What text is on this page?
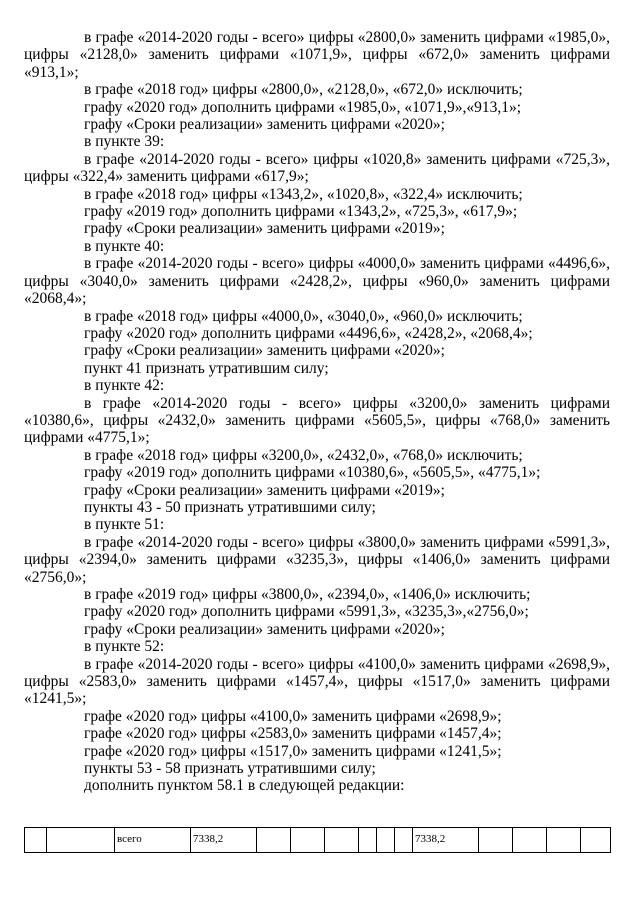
в графе «2014-2020 годы - всего» цифры «2800,0» заменить цифрами «1985,0», цифры «2128,0» заменить цифрами «1071,9», цифры «672,0» заменить цифрами «913,1»;

в графе «2018 год» цифры «2800,0», «2128,0», «672,0» исключить;

графу «2020 год» дополнить цифрами «1985,0», «1071,9»,«913,1»;

графу «Сроки реализации» заменить цифрами «2020»;

в пункте 39:

в графе «2014-2020 годы - всего» цифры «1020,8» заменить цифрами «725,3», цифры «322,4» заменить цифрами «617,9»;

в графе «2018 год» цифры «1343,2», «1020,8», «322,4» исключить;

графу «2019 год» дополнить цифрами «1343,2», «725,3», «617,9»;

графу «Сроки реализации» заменить цифрами «2019»;

в пункте 40:

в графе «2014-2020 годы - всего» цифры «4000,0» заменить цифрами «4496,6», цифры «3040,0» заменить цифрами «2428,2», цифры «960,0» заменить цифрами «2068,4»;

в графе «2018 год» цифры «4000,0», «3040,0», «960,0» исключить;

графу «2020 год» дополнить цифрами «4496,6», «2428,2», «2068,4»;

графу «Сроки реализации» заменить цифрами «2020»;

пункт 41 признать утратившим силу;

в пункте 42:

в графе «2014-2020 годы - всего» цифры «3200,0» заменить цифрами «10380,6», цифры «2432,0» заменить цифрами «5605,5», цифры «768,0» заменить цифрами «4775,1»;

в графе «2018 год» цифры «3200,0», «2432,0», «768,0» исключить;

графу «2019 год» дополнить цифрами «10380,6», «5605,5», «4775,1»;

графу «Сроки реализации» заменить цифрами «2019»;

пункты 43 - 50 признать утратившими силу;

в пункте 51:

в графе «2014-2020 годы - всего» цифры «3800,0» заменить цифрами «5991,3», цифры «2394,0» заменить цифрами «3235,3», цифры «1406,0» заменить цифрами «2756,0»;

в графе «2019 год» цифры «3800,0», «2394,0», «1406,0» исключить;

графу «2020 год» дополнить цифрами «5991,3», «3235,3»,«2756,0»;

графу «Сроки реализации» заменить цифрами «2020»;

в пункте 52:

в графе «2014-2020 годы - всего» цифры «4100,0» заменить цифрами «2698,9», цифры «2583,0» заменить цифрами «1457,4», цифры «1517,0» заменить цифрами «1241,5»;

графе «2020 год» цифры «4100,0» заменить цифрами «2698,9»;

графе «2020 год» цифры «2583,0» заменить цифрами «1457,4»;

графе «2020 год» цифры «1517,0» заменить цифрами «1241,5»;

пункты 53 - 58 признать утратившими силу;

дополнить пунктом 58.1 в следующей редакции:

		всего	7338,2							7338,2				
